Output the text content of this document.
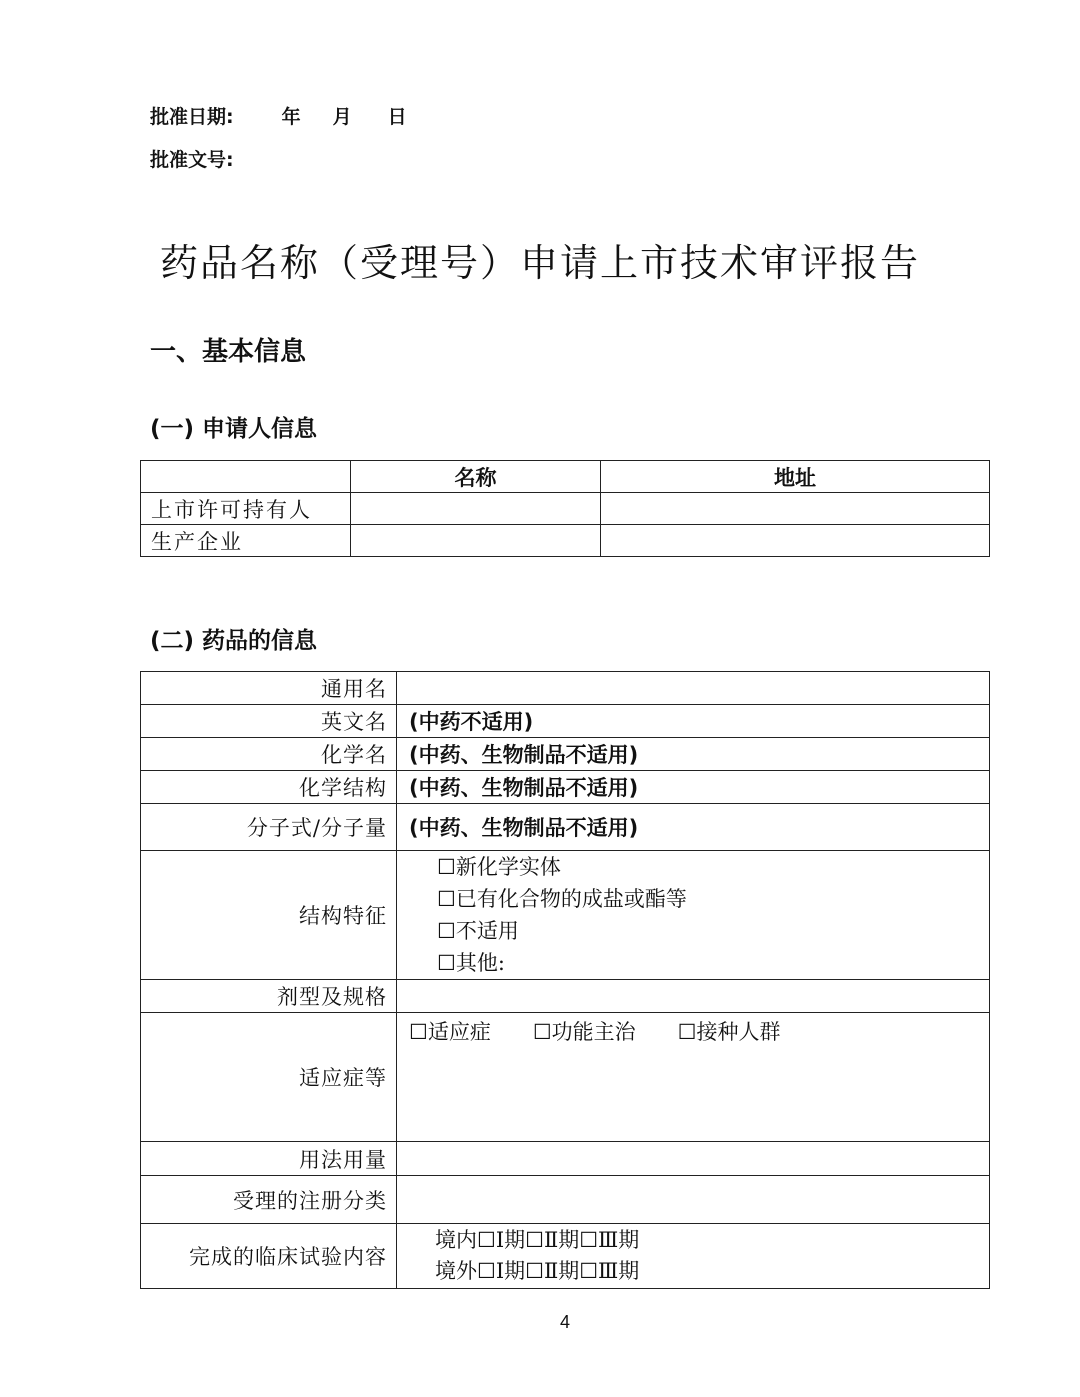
批准日期:	年 月 日
批准文号:
药品名称（受理号）申请上市技术审评报告
一、基本信息
(一) 申请人信息
	名称	地址
上市许可持有人		
生产企业		
(二) 药品的信息
通用名	
英文名	(中药不适用)
化学名	(中药、生物制品不适用)
化学结构	(中药、生物制品不适用)
分子式/分子量	(中药、生物制品不适用)
结构特征	☐新化学实体
☐已有化合物的成盐或酯等
☐不适用
☐其他:

剂型及规格	
适应症等	☐适应症 ☐功能主治 ☐接种人群

用法用量	
受理的注册分类	
完成的临床试验内容	境内☐Ⅰ期☐Ⅱ期☐Ⅲ期
境外☐Ⅰ期☐Ⅱ期☐Ⅲ期
4
